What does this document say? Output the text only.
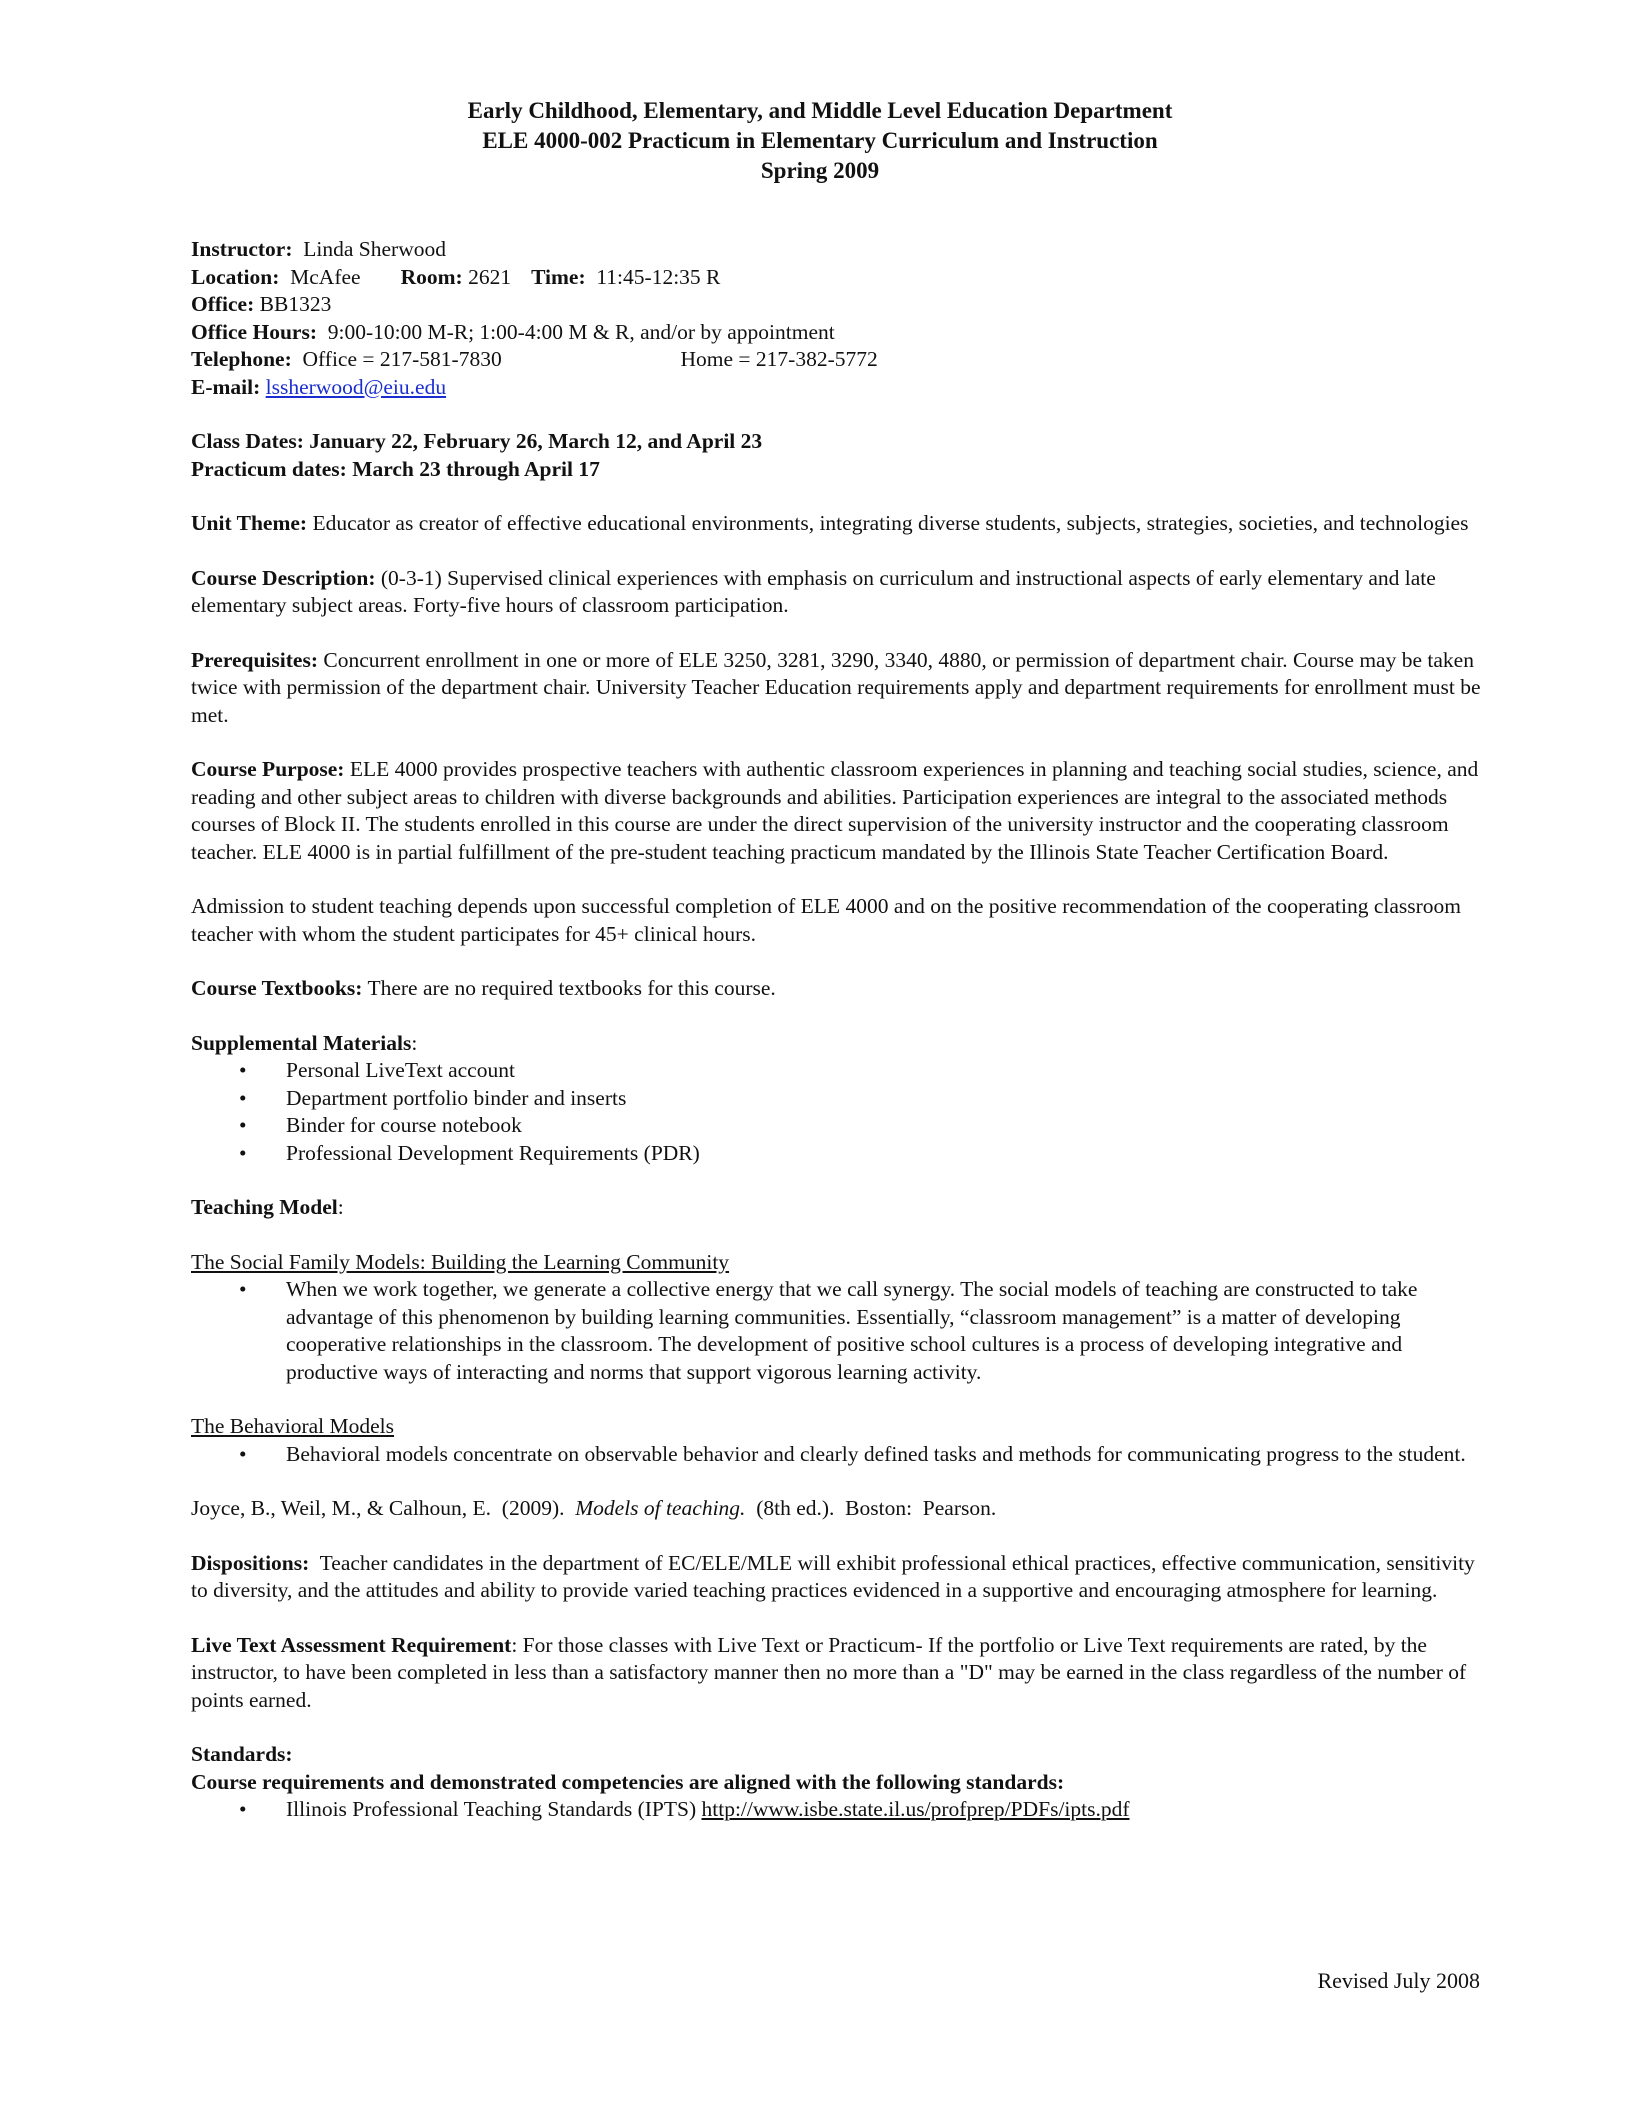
Early Childhood, Elementary, and Middle Level Education Department
ELE 4000-002 Practicum in Elementary Curriculum and Instruction
Spring 2009
Instructor: Linda Sherwood
Location: McAfee Room: 2621 Time: 11:45-12:35 R
Office: BB1323
Office Hours: 9:00-10:00 M-R; 1:00-4:00 M & R, and/or by appointment
Telephone: Office = 217-581-7830	Home = 217-382-5772
E-mail: lssherwood@eiu.edu
Class Dates: January 22, February 26, March 12, and April 23
Practicum dates: March 23 through April 17

Unit Theme: Educator as creator of effective educational environments, integrating diverse students, subjects, strategies, societies, and technologies

Course Description: (0-3-1) Supervised clinical experiences with emphasis on curriculum and instructional aspects of early elementary and late elementary subject areas. Forty-five hours of classroom participation.

Prerequisites: Concurrent enrollment in one or more of ELE 3250, 3281, 3290, 3340, 4880, or permission of department chair. Course may be taken twice with permission of the department chair. University Teacher Education requirements apply and department requirements for enrollment must be met.

Course Purpose: ELE 4000 provides prospective teachers with authentic classroom experiences in planning and teaching social studies, science, and reading and other subject areas to children with diverse backgrounds and abilities. Participation experiences are integral to the associated methods courses of Block II. The students enrolled in this course are under the direct supervision of the university instructor and the cooperating classroom teacher. ELE 4000 is in partial fulfillment of the pre-student teaching practicum mandated by the Illinois State Teacher Certification Board.

Admission to student teaching depends upon successful completion of ELE 4000 and on the positive recommendation of the cooperating classroom teacher with whom the student participates for 45+ clinical hours.

Course Textbooks: There are no required textbooks for this course.

Supplemental Materials:

• Personal LiveText account
• Department portfolio binder and inserts
• Binder for course notebook
• Professional Development Requirements (PDR)

Teaching Model:

The Social Family Models: Building the Learning Community

• When we work together, we generate a collective energy that we call synergy. The social models of teaching are constructed to take advantage of this phenomenon by building learning communities. Essentially, “classroom management” is a matter of developing cooperative relationships in the classroom. The development of positive school cultures is a process of developing integrative and productive ways of interacting and norms that support vigorous learning activity.

The Behavioral Models

• Behavioral models concentrate on observable behavior and clearly defined tasks and methods for communicating progress to the student.

Joyce, B., Weil, M., & Calhoun, E.  (2009).  Models of teaching.  (8th ed.).  Boston:  Pearson.

Dispositions: Teacher candidates in the department of EC/ELE/MLE will exhibit professional ethical practices, effective communication, sensitivity to diversity, and the attitudes and ability to provide varied teaching practices evidenced in a supportive and encouraging atmosphere for learning.

Live Text Assessment Requirement: For those classes with Live Text or Practicum- If the portfolio or Live Text requirements are rated, by the instructor, to have been completed in less than a satisfactory manner then no more than a "D" may be earned in the class regardless of the number of points earned.

Standards:

Course requirements and demonstrated competencies are aligned with the following standards:

• Illinois Professional Teaching Standards (IPTS) http://www.isbe.state.il.us/profprep/PDFs/ipts.pdf
Revised July 2008
